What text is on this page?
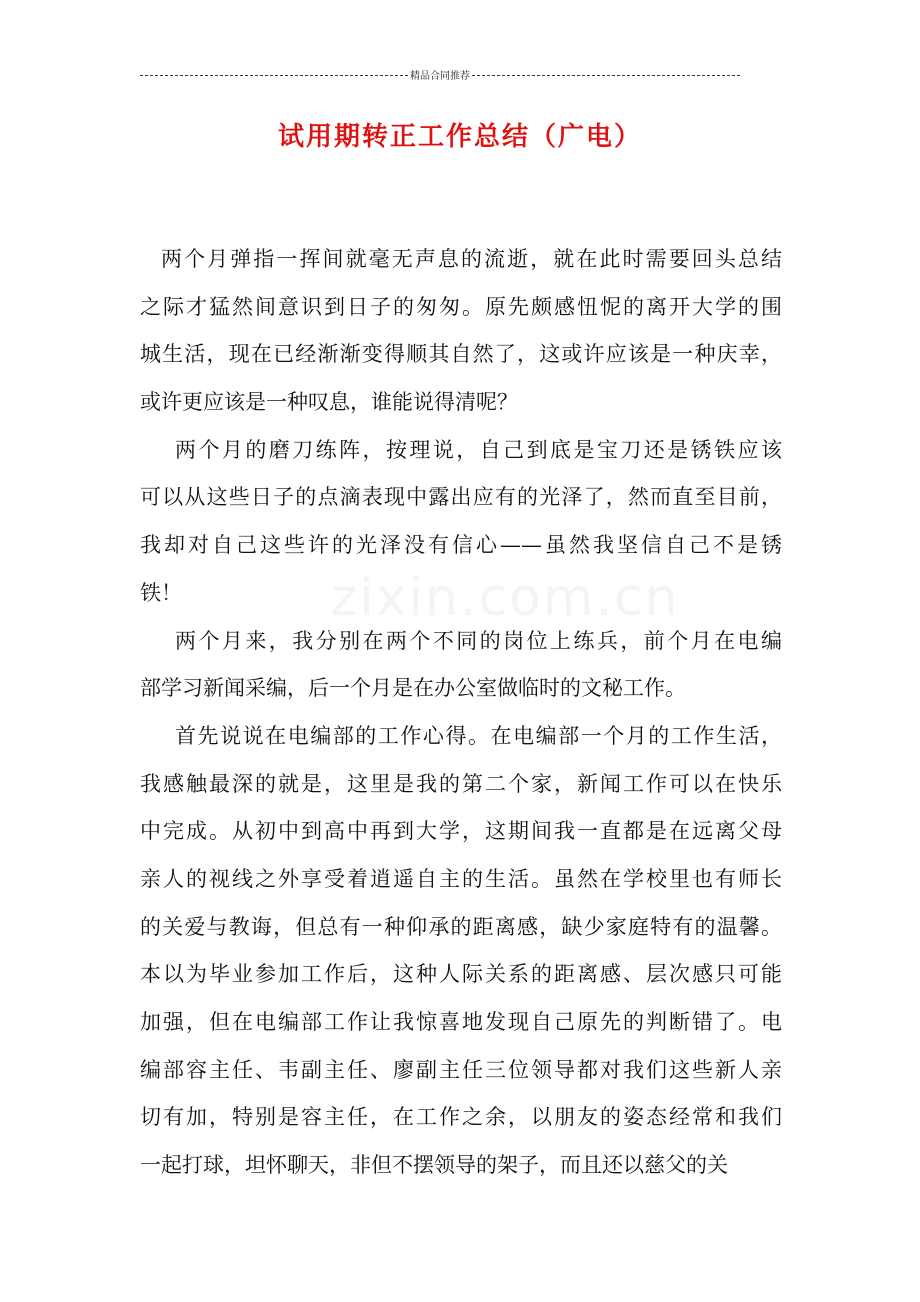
精品合同推荐
试用期转正工作总结（广电）
zixin.com.cn
两个月弹指一挥间就毫无声息的流逝，就在此时需要回头总结
之际才猛然间意识到日子的匆匆。原先颇感忸怩的离开大学的围
城生活，现在已经渐渐变得顺其自然了，这或许应该是一种庆幸，
或许更应该是一种叹息，谁能说得清呢？
两个月的磨刀练阵，按理说，自己到底是宝刀还是锈铁应该
可以从这些日子的点滴表现中露出应有的光泽了，然而直至目前，
我却对自己这些许的光泽没有信心——虽然我坚信自己不是锈
铁！
两个月来，我分别在两个不同的岗位上练兵，前个月在电编
部学习新闻采编，后一个月是在办公室做临时的文秘工作。
首先说说在电编部的工作心得。在电编部一个月的工作生活，
我感触最深的就是，这里是我的第二个家，新闻工作可以在快乐
中完成。从初中到高中再到大学，这期间我一直都是在远离父母
亲人的视线之外享受着逍遥自主的生活。虽然在学校里也有师长
的关爱与教诲，但总有一种仰承的距离感，缺少家庭特有的温馨。
本以为毕业参加工作后，这种人际关系的距离感、层次感只可能
加强，但在电编部工作让我惊喜地发现自己原先的判断错了。电
编部容主任、韦副主任、廖副主任三位领导都对我们这些新人亲
切有加，特别是容主任，在工作之余，以朋友的姿态经常和我们
一起打球，坦怀聊天，非但不摆领导的架子，而且还以慈父的关
